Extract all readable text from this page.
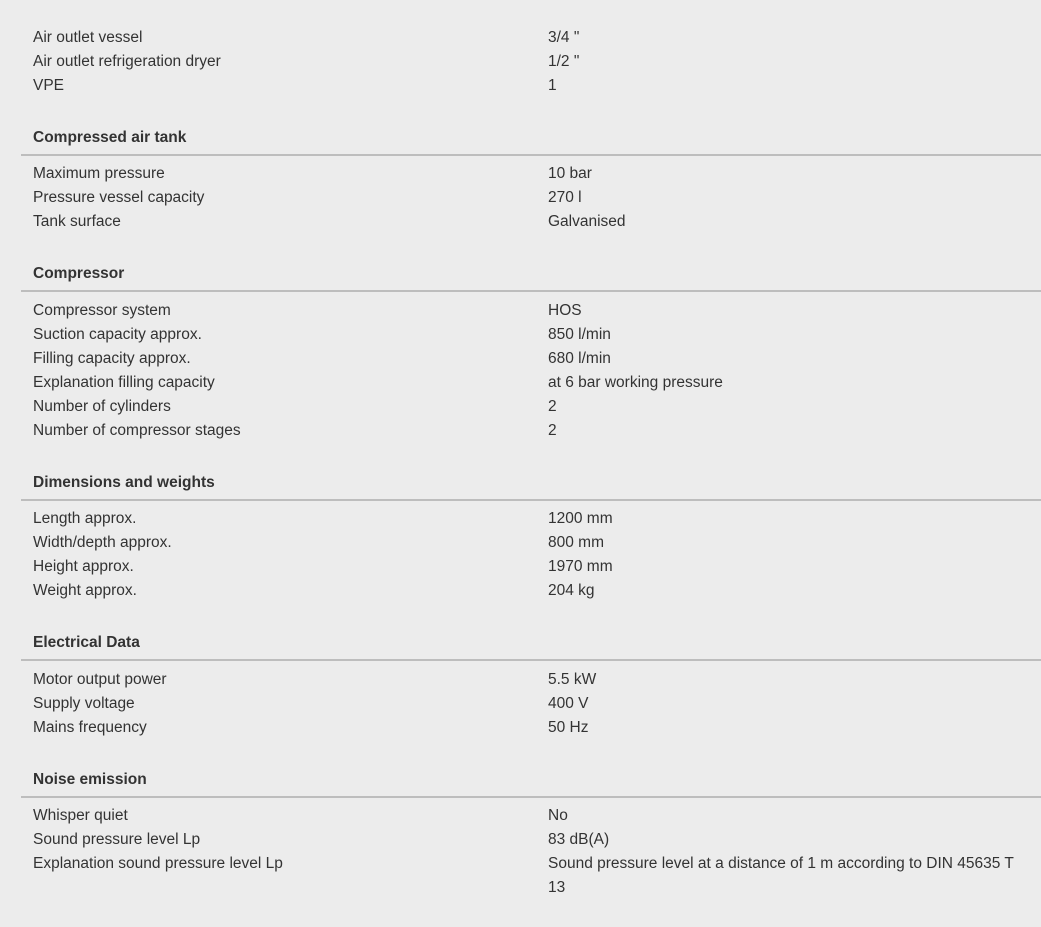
Air outlet vessel	3/4 "
Air outlet refrigeration dryer	1/2 "
VPE	1
Compressed air tank
Maximum pressure	10 bar
Pressure vessel capacity	270 l
Tank surface	Galvanised
Compressor
Compressor system	HOS
Suction capacity approx.	850 l/min
Filling capacity approx.	680 l/min
Explanation filling capacity	at 6 bar working pressure
Number of cylinders	2
Number of compressor stages	2
Dimensions and weights
Length approx.	1200 mm
Width/depth approx.	800 mm
Height approx.	1970 mm
Weight approx.	204 kg
Electrical Data
Motor output power	5.5 kW
Supply voltage	400 V
Mains frequency	50 Hz
Noise emission
Whisper quiet	No
Sound pressure level Lp	83 dB(A)
Explanation sound pressure level Lp	Sound pressure level at a distance of 1 m according to DIN 45635 T 13
